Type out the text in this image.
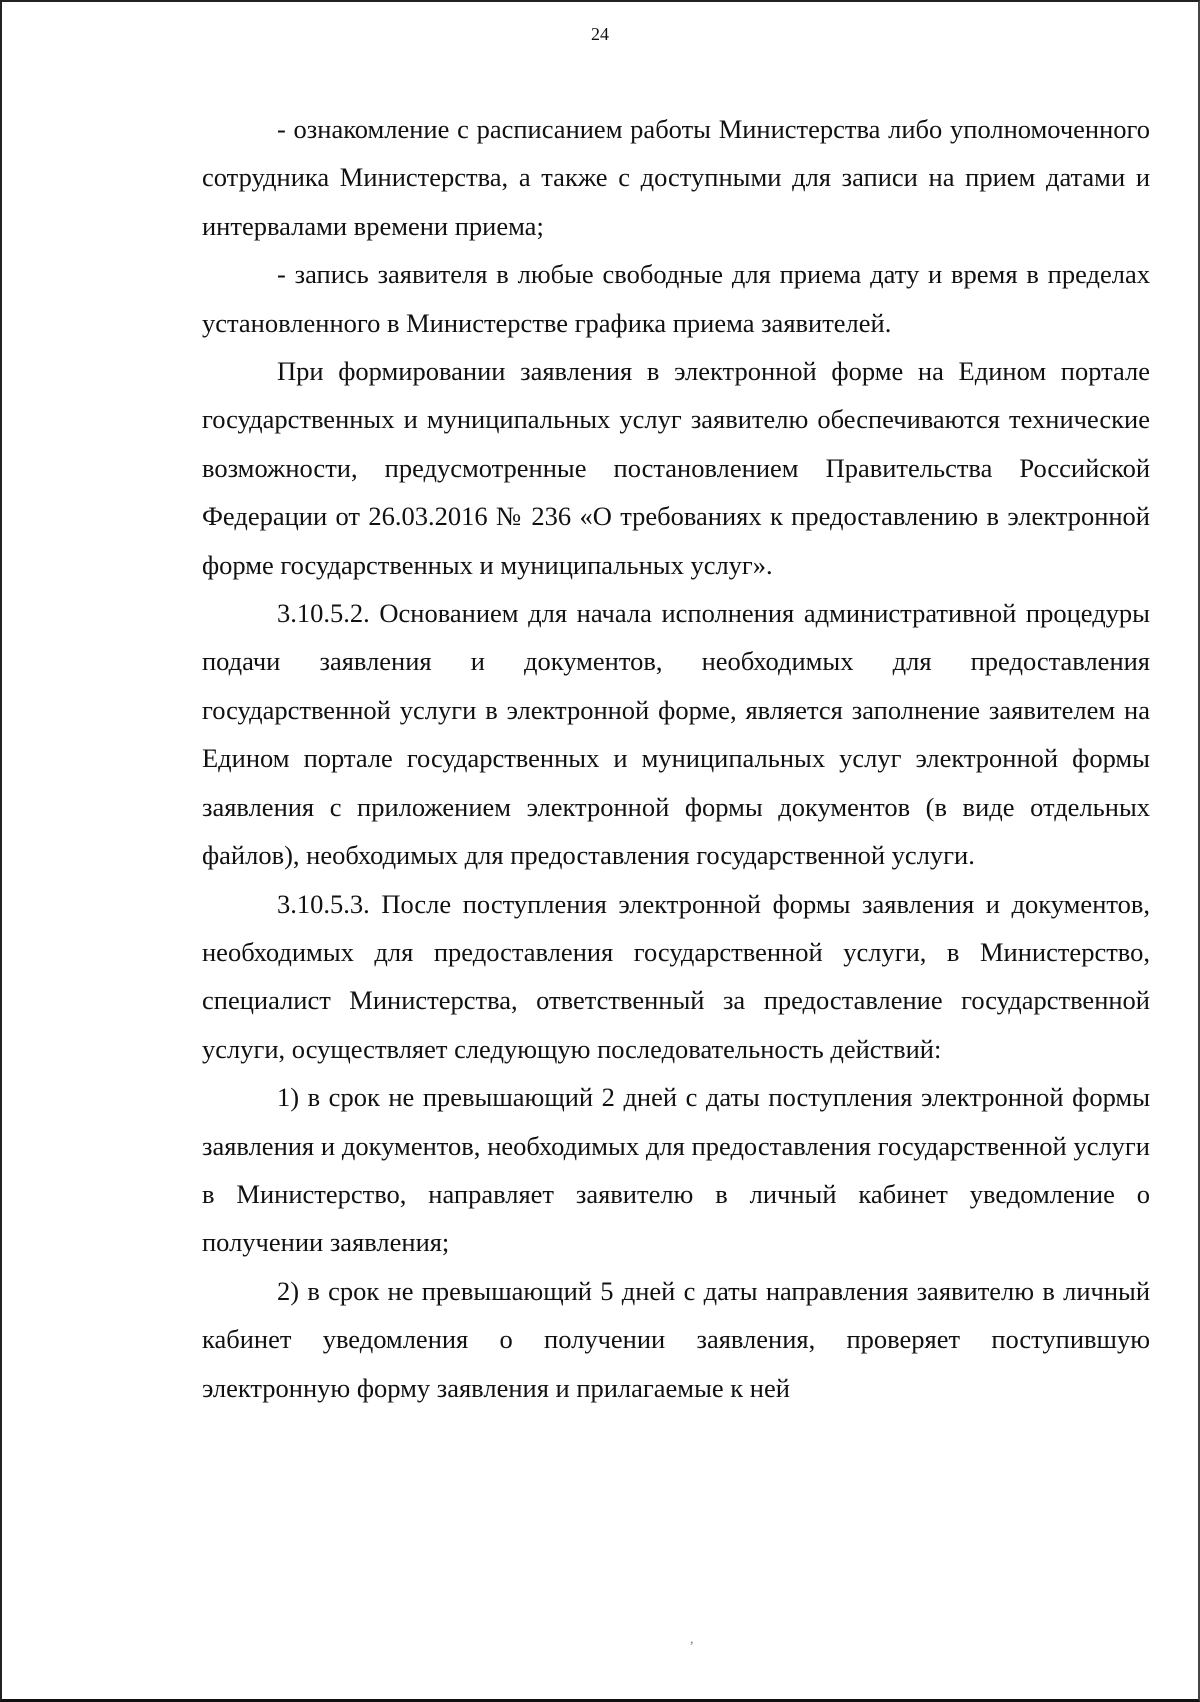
24

- ознакомление с расписанием работы Министерства либо уполномоченного сотрудника Министерства, а также с доступными для записи на прием датами и интервалами времени приема;

- запись заявителя в любые свободные для приема дату и время в пределах установленного в Министерстве графика приема заявителей.

При формировании заявления в электронной форме на Едином портале государственных и муниципальных услуг заявителю обеспечиваются технические возможности, предусмотренные постановлением Правительства Российской Федерации от 26.03.2016 № 236 «О требованиях к предоставлению в электронной форме государственных и муниципальных услуг».

3.10.5.2. Основанием для начала исполнения административной процедуры подачи заявления и документов, необходимых для предоставления государственной услуги в электронной форме, является заполнение заявителем на Едином портале государственных и муниципальных услуг электронной формы заявления с приложением электронной формы документов (в виде отдельных файлов), необходимых для предоставления государственной услуги.

3.10.5.3. После поступления электронной формы заявления и документов, необходимых для предоставления государственной услуги, в Министерство, специалист Министерства, ответственный за предоставление государственной услуги, осуществляет следующую последовательность действий:

1) в срок не превышающий 2 дней с даты поступления электронной формы заявления и документов, необходимых для предоставления государственной услуги в Министерство, направляет заявителю в личный кабинет уведомление о получении заявления;

2) в срок не превышающий 5 дней с даты направления заявителю в личный кабинет уведомления о получении заявления, проверяет поступившую электронную форму заявления и прилагаемые к ней

,
